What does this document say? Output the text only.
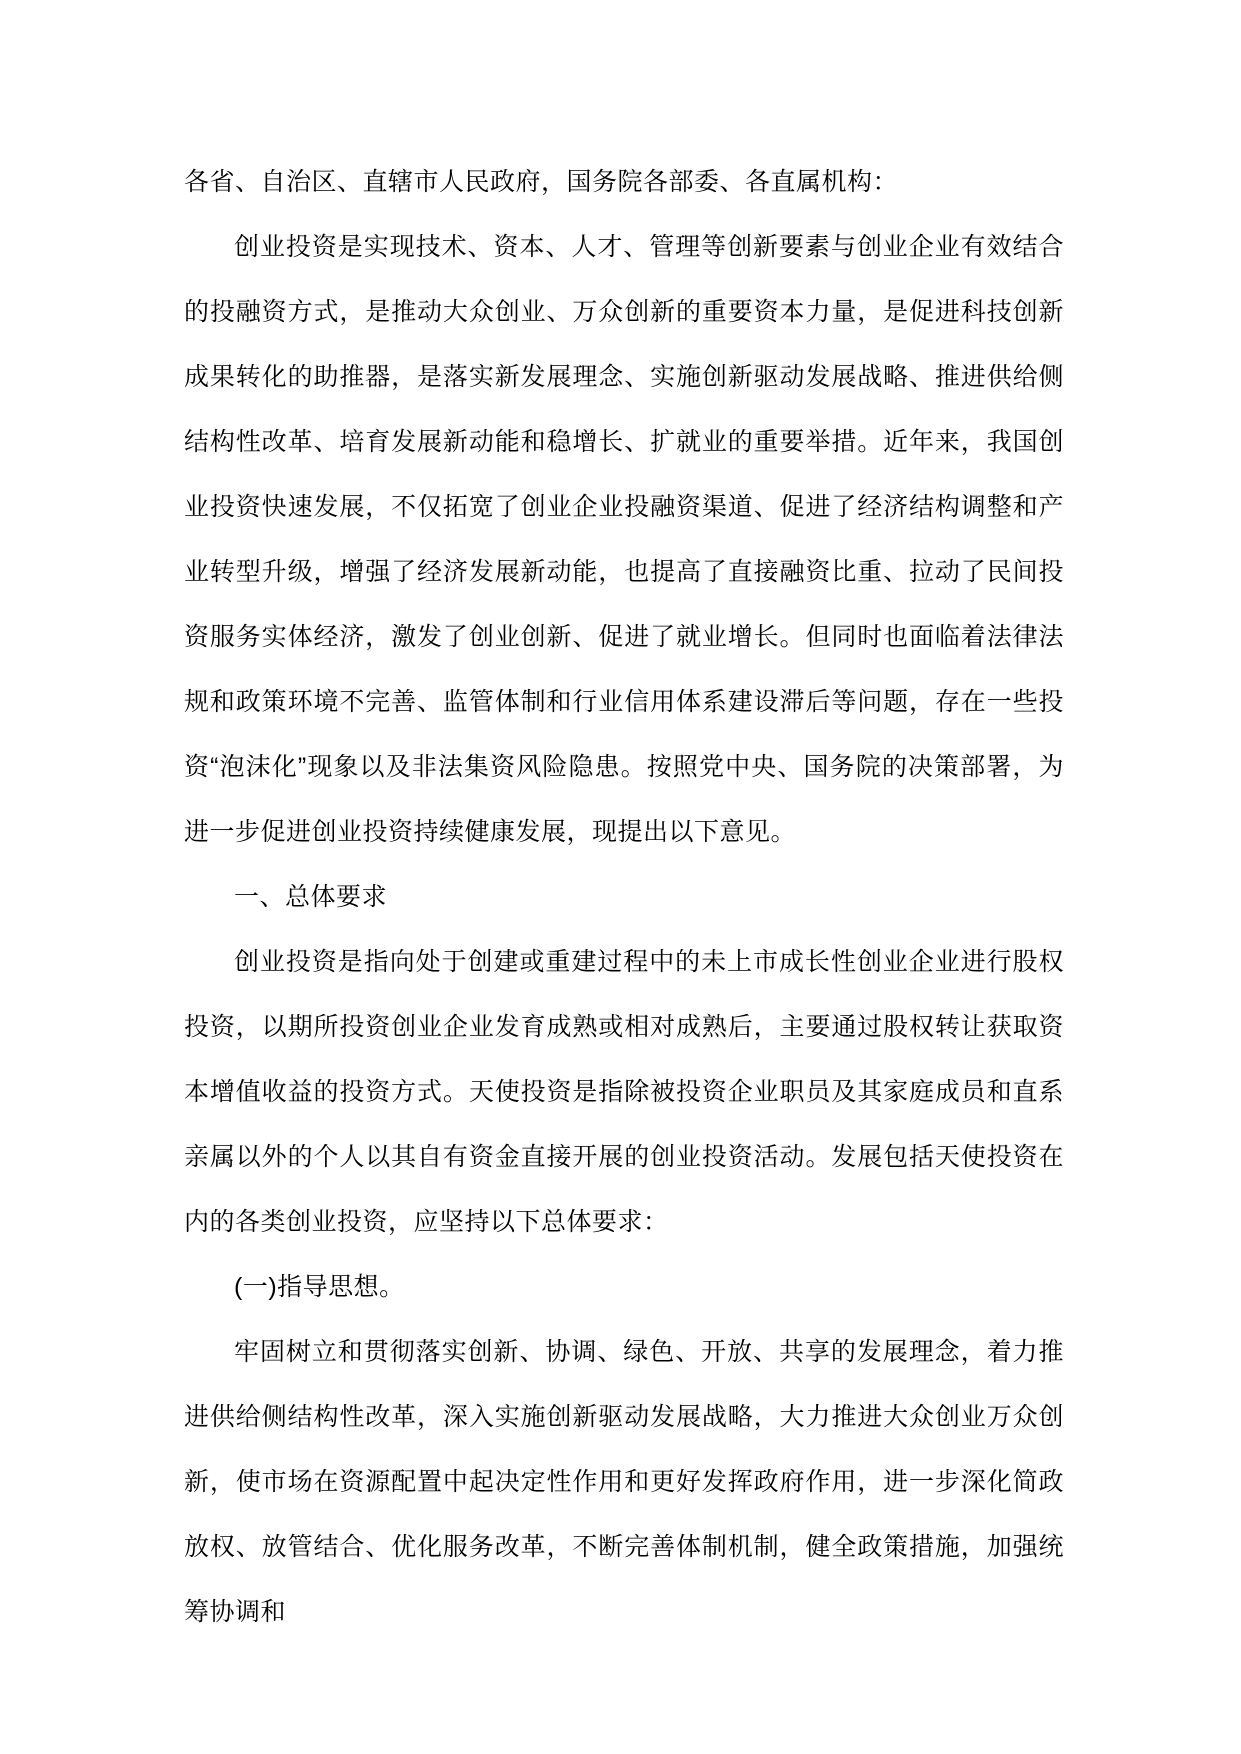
各省、自治区、直辖市人民政府，国务院各部委、各直属机构：

创业投资是实现技术、资本、人才、管理等创新要素与创业企业有效结合的投融资方式，是推动大众创业、万众创新的重要资本力量，是促进科技创新成果转化的助推器，是落实新发展理念、实施创新驱动发展战略、推进供给侧结构性改革、培育发展新动能和稳增长、扩就业的重要举措。近年来，我国创业投资快速发展，不仅拓宽了创业企业投融资渠道、促进了经济结构调整和产业转型升级，增强了经济发展新动能，也提高了直接融资比重、拉动了民间投资服务实体经济，激发了创业创新、促进了就业增长。但同时也面临着法律法规和政策环境不完善、监管体制和行业信用体系建设滞后等问题，存在一些投资“泡沫化”现象以及非法集资风险隐患。按照党中央、国务院的决策部署，为进一步促进创业投资持续健康发展，现提出以下意见。

一、总体要求

创业投资是指向处于创建或重建过程中的未上市成长性创业企业进行股权投资，以期所投资创业企业发育成熟或相对成熟后，主要通过股权转让获取资本增值收益的投资方式。天使投资是指除被投资企业职员及其家庭成员和直系亲属以外的个人以其自有资金直接开展的创业投资活动。发展包括天使投资在内的各类创业投资，应坚持以下总体要求：

(一)指导思想。

牢固树立和贯彻落实创新、协调、绿色、开放、共享的发展理念，着力推进供给侧结构性改革，深入实施创新驱动发展战略，大力推进大众创业万众创新，使市场在资源配置中起决定性作用和更好发挥政府作用，进一步深化简政放权、放管结合、优化服务改革，不断完善体制机制，健全政策措施，加强统筹协调和
